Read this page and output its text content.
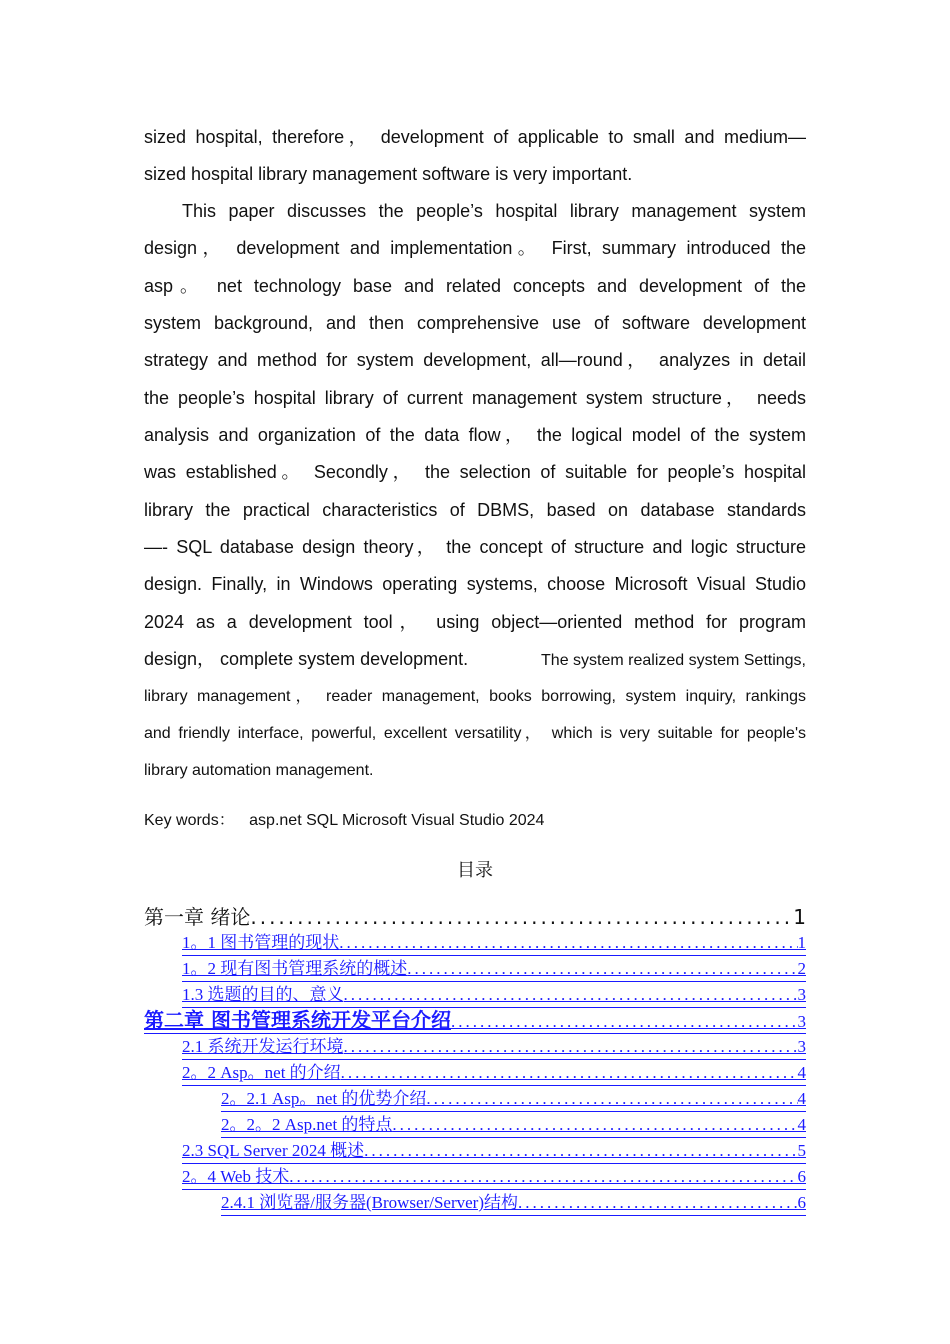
sized hospital, therefore， development of applicable to small and medium—
sized hospital library management software is very important.
This paper discusses the people’s hospital library management system
design， development and implementation。 First, summary introduced the
asp。 net technology base and related concepts and development of the
system background, and then comprehensive use of software development
strategy and method for system development, all—round， analyzes in detail
the people’s hospital library of current management system structure， needs
analysis and organization of the data flow， the logical model of the system
was established。 Secondly， the selection of suitable for people’s hospital
library the practical characteristics of DBMS, based on database standards
—- SQL database design theory， the concept of structure and logic structure
design. Finally, in Windows operating systems, choose Microsoft Visual Studio
2024 as a development tool， using object—oriented method for program
design， complete system development.	The system realized system Settings,
library management， reader management, books borrowing, system inquiry, rankings
and friendly interface, powerful, excellent versatility， which is very suitable for people's
library automation management.
Key words： asp.net SQL Microsoft Visual Studio 2024
目录
第一章 绪论 .....	1
1。1 图书管理的现状 .....	1
1。2 现有图书管理系统的概述 .....	2
1.3 选题的目的、意义 .....	3
第二章 图书管理系统开发平台介绍 .....	3
2.1 系统开发运行环境 .....	3
2。2 Asp。net 的介绍 .....	4
2。2.1 Asp。net 的优势介绍 .....	4
2。2。2 Asp.net 的特点 .....	4
2.3 SQL Server 2024 概述 .....	5
2。4 Web 技术 .....	6
2.4.1 浏览器/服务器(Browser/Server)结构 .....	6
